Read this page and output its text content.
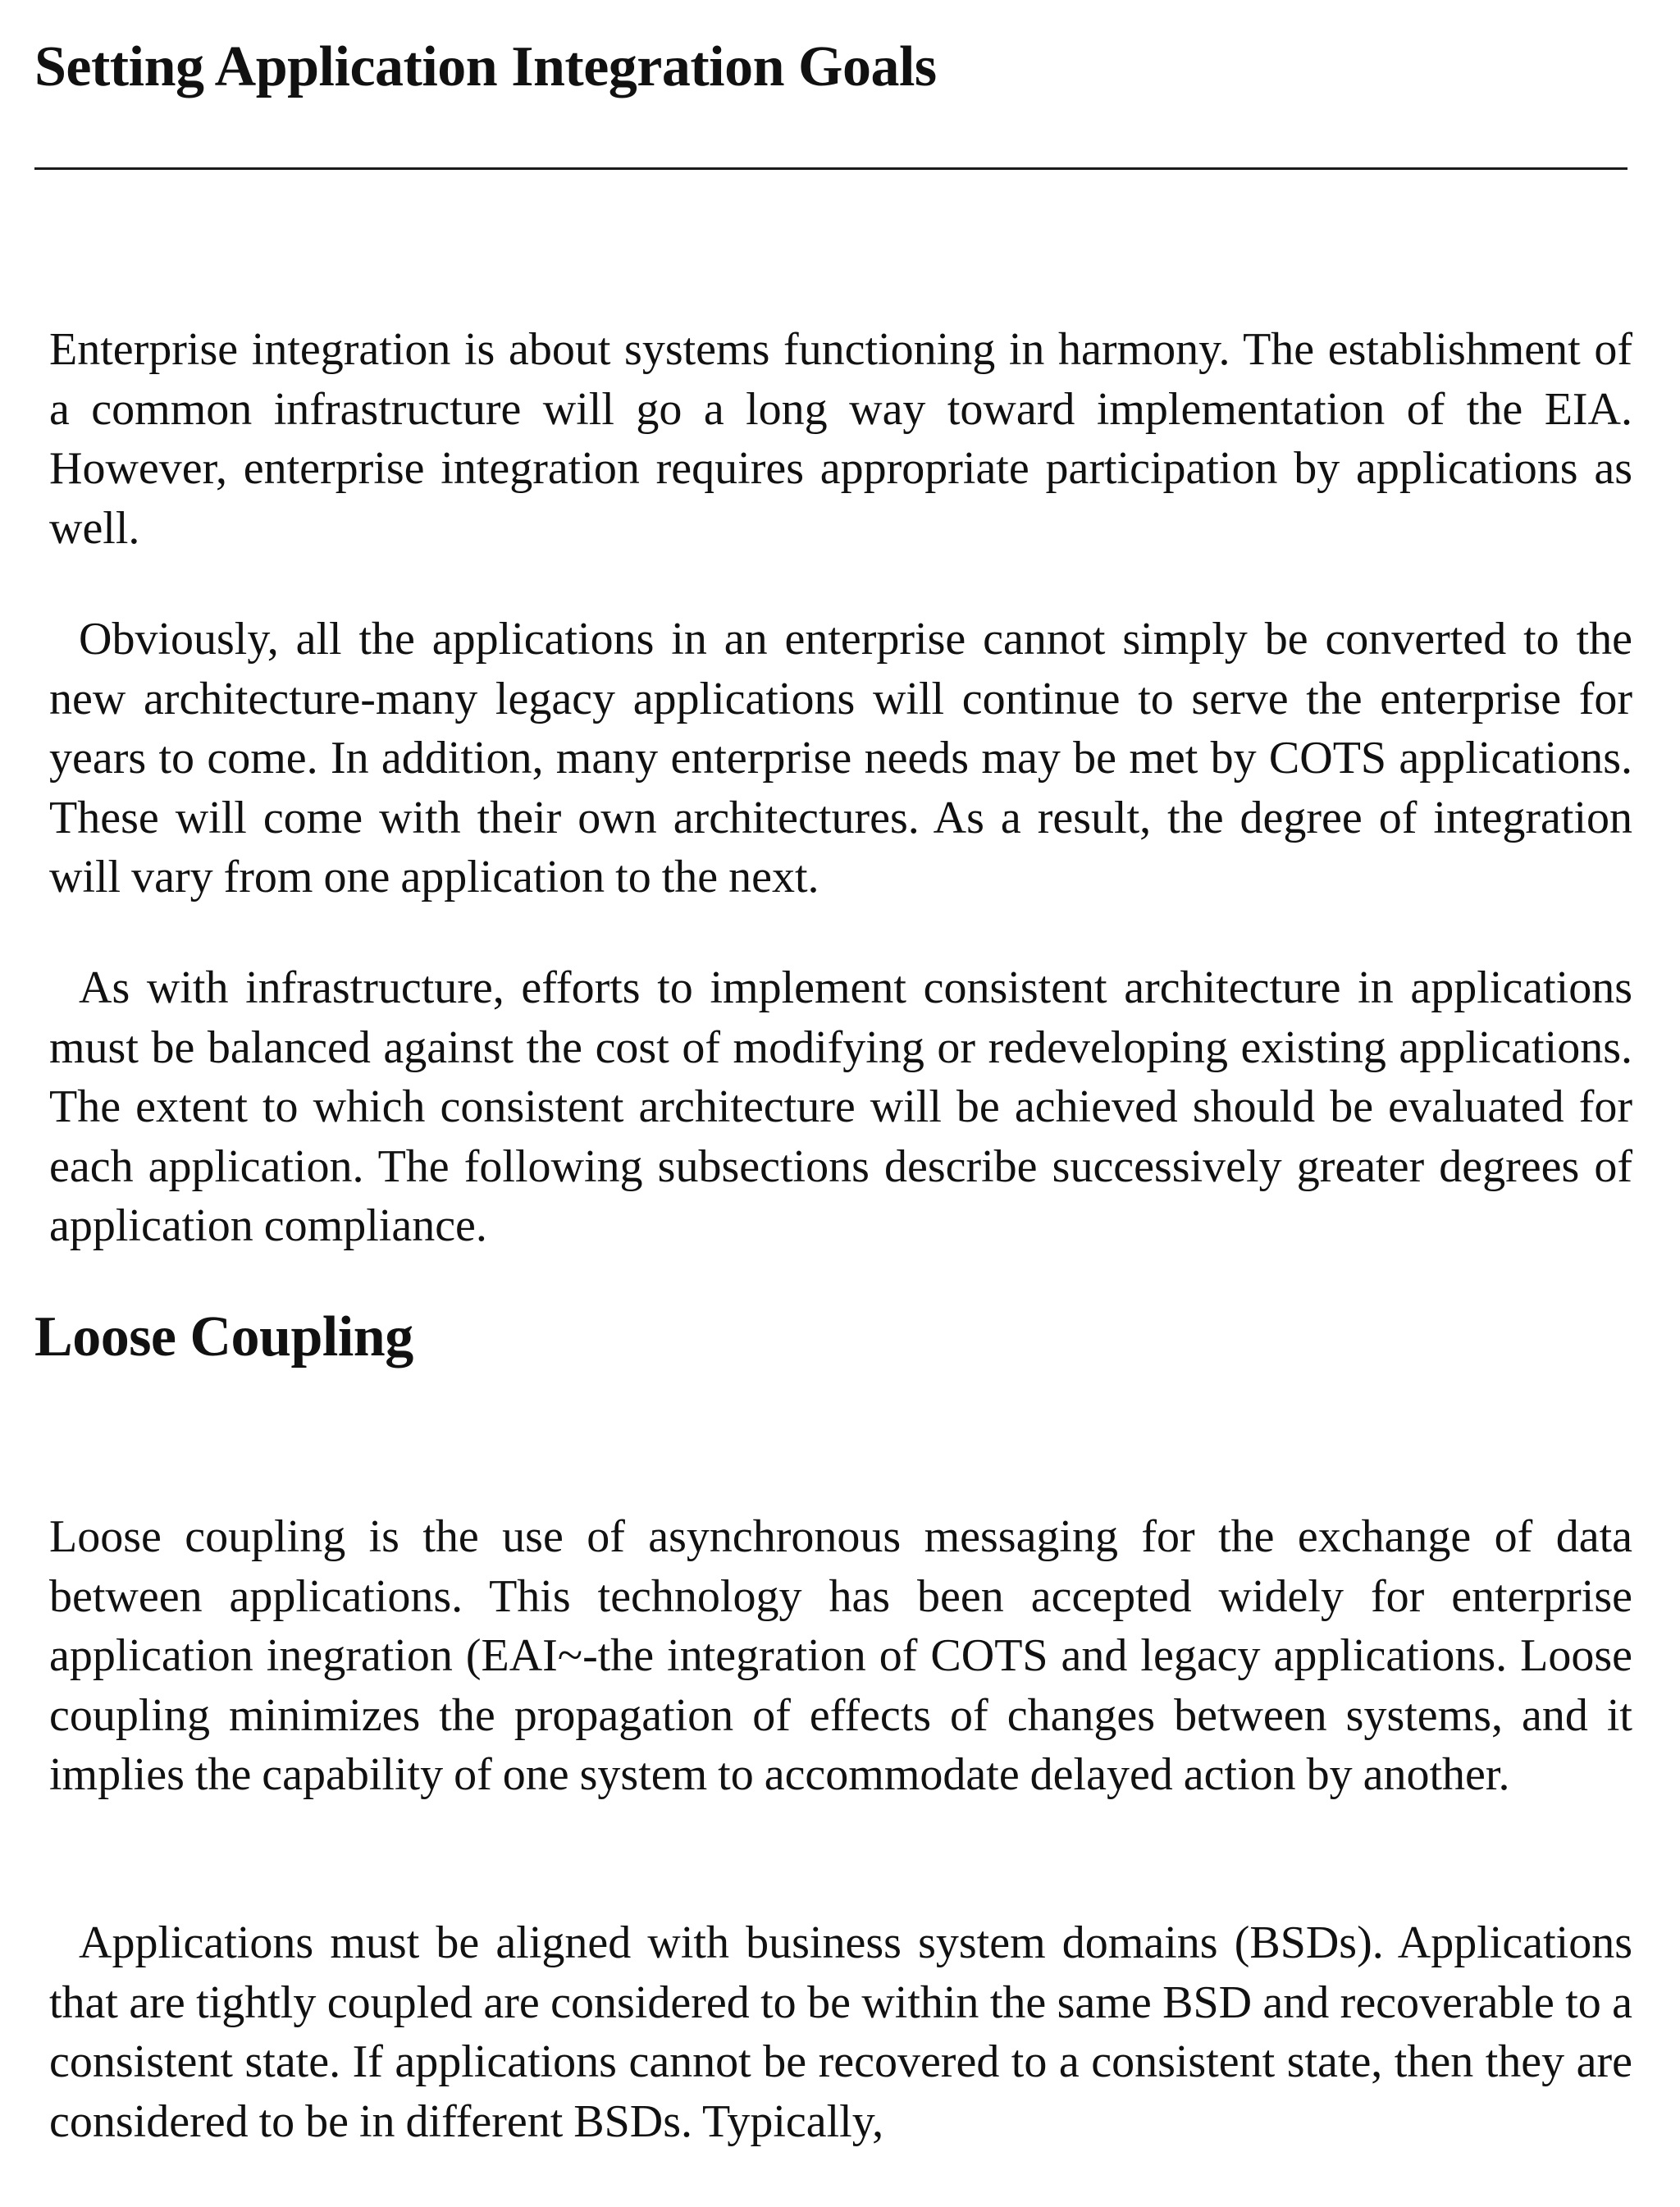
Setting Application Integration Goals

Enterprise integration is about systems functioning in harmony. The establishment of a common infrastructure will go a long way toward implementation of the EIA. However, enterprise integration requires appropriate participation by applications as well.

Obviously, all the applications in an enterprise cannot simply be converted to the new architecture-many legacy applications will continue to serve the enterprise for years to come. In addition, many enterprise needs may be met by COTS applications. These will come with their own architectures. As a result, the degree of integration will vary from one application to the next.

As with infrastructure, efforts to implement consistent architecture in applications must be balanced against the cost of modifying or redeveloping existing applications. The extent to which consistent architecture will be achieved should be evaluated for each application. The following subsections describe successively greater degrees of application compliance.

Loose Coupling

Loose coupling is the use of asynchronous messaging for the exchange of data between applications. This technology has been accepted widely for enterprise application inegration (EAI~-the integration of COTS and legacy applications. Loose coupling minimizes the propagation of effects of changes between systems, and it implies the capability of one system to accommodate delayed action by another.

Applications must be aligned with business system domains (BSDs). Applications that are tightly coupled are considered to be within the same BSD and recoverable to a consistent state. If applications cannot be recovered to a consistent state, then they are considered to be in different BSDs. Typically,
